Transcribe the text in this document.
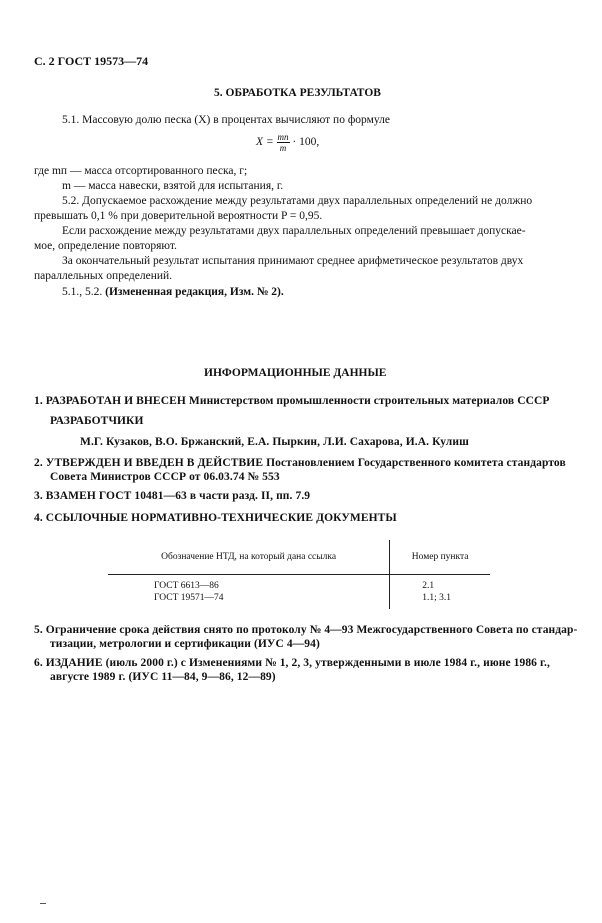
С. 2 ГОСТ 19573—74
5. ОБРАБОТКА РЕЗУЛЬТАТОВ
5.1. Массовую долю песка (X) в процентах вычисляют по формуле
$X = \frac{mп}{m} \cdot 100$,
где mп — масса отсортированного песка, г;
m — масса навески, взятой для испытания, г.
5.2. Допускаемое расхождение между результатами двух параллельных определений не должно
превышать 0,1 % при доверительной вероятности P = 0,95.
Если расхождение между результатами двух параллельных определений превышает допускае-
мое, определение повторяют.
За окончательный результат испытания принимают среднее арифметическое результатов двух
параллельных определений.
5.1., 5.2. (Измененная редакция, Изм. № 2).
ИНФОРМАЦИОННЫЕ ДАННЫЕ
1. РАЗРАБОТАН И ВНЕСЕН Министерством промышленности строительных материалов СССР
РАЗРАБОТЧИКИ
М.Г. Кузаков, В.О. Бржанский, Е.А. Пыркин, Л.И. Сахарова, И.А. Кулиш
2. УТВЕРЖДЕН И ВВЕДЕН В ДЕЙСТВИЕ Постановлением Государственного комитета стандартов
Совета Министров СССР от 06.03.74 № 553
3. ВЗАМЕН ГОСТ 10481—63 в части разд. II, пп. 7.9
4. ССЫЛОЧНЫЕ НОРМАТИВНО-ТЕХНИЧЕСКИЕ ДОКУМЕНТЫ
Обозначение НТД, на который дана ссылка	Номер пункта
ГОСТ 6613—86	2.1
ГОСТ 19571—74	1.1; 3.1
5. Ограничение срока действия снято по протоколу № 4—93 Межгосударственного Совета по стандар-
тизации, метрологии и сертификации (ИУС 4—94)
6. ИЗДАНИЕ (июль 2000 г.) с Изменениями № 1, 2, 3, утвержденными в июле 1984 г., июне 1986 г.,
августе 1989 г. (ИУС 11—84, 9—86, 12—89)
